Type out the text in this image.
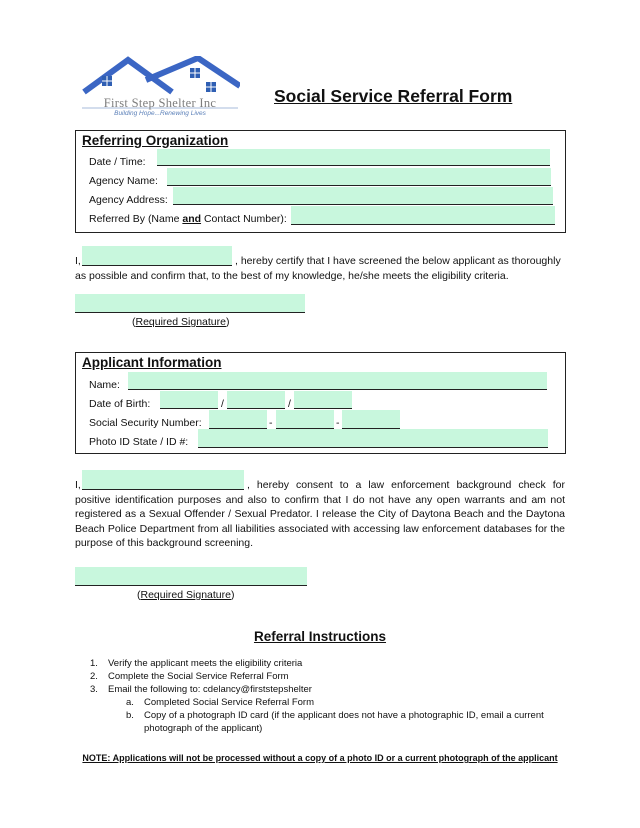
First Step Shelter Inc
Building Hope...Renewing Lives
Social Service Referral Form
Referring Organization
Date / Time:
Agency Name:
Agency Address:
Referred By (Name and Contact Number):
I,	, hereby certify that I have screened the below applicant as thoroughly as possible and confirm that, to the best of my knowledge, he/she meets the eligibility criteria.
(Required Signature)
Applicant Information
Name:
Date of Birth:	/	/
Social Security Number:	-	-
Photo ID State / ID #:
I,	, hereby consent to a law enforcement background check for positive identification purposes and also to confirm that I do not have any open warrants and am not registered as a Sexual Offender / Sexual Predator. I release the City of Daytona Beach and the Daytona Beach Police Department from all liabilities associated with accessing law enforcement databases for the purpose of this background screening.
(Required Signature)
Referral Instructions
1. Verify the applicant meets the eligibility criteria
2. Complete the Social Service Referral Form
3. Email the following to: cdelancy@firststepshelter
a. Completed Social Service Referral Form
b. Copy of a photograph ID card (if the applicant does not have a photographic ID, email a current
photograph of the applicant)
NOTE: Applications will not be processed without a copy of a photo ID or a current photograph of the applicant
